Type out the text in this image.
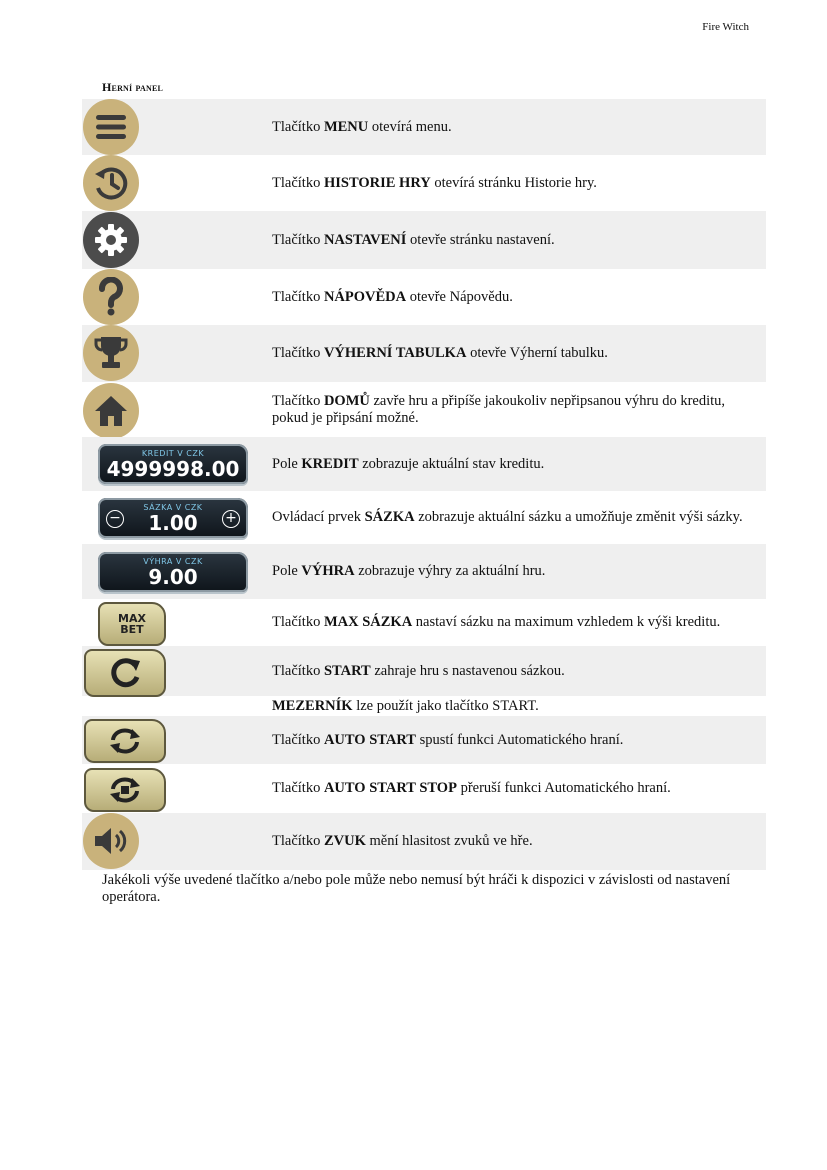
Fire Witch
Herní panel
Tlačítko MENU otevírá menu.
Tlačítko HISTORIE HRY otevírá stránku Historie hry.
Tlačítko NASTAVENÍ otevře stránku nastavení.
Tlačítko NÁPOVĚDA otevře Nápovědu.
Tlačítko VÝHERNÍ TABULKA otevře Výherní tabulku.
Tlačítko DOMŮ zavře hru a připíše jakoukoliv nepřipsanou výhru do kreditu, pokud je připsání možné.
KREDIT V CZK
4999998.00 Pole KREDIT zobrazuje aktuální stav kreditu.
−
SÁZKA V CZK
1.00 + Ovládací prvek SÁZKA zobrazuje aktuální sázku a umožňuje změnit výši sázky.
VÝHRA V CZK
9.00	Pole VÝHRA zobrazuje výhry za aktuální hru.
MAX
BET	Tlačítko MAX SÁZKA nastaví sázku na maximum vzhledem k výši kreditu.
Tlačítko START zahraje hru s nastavenou sázkou.
MEZERNÍK lze použít jako tlačítko START.
Tlačítko AUTO START spustí funkci Automatického hraní.
Tlačítko AUTO START STOP přeruší funkci Automatického hraní.
Tlačítko ZVUK mění hlasitost zvuků ve hře.
Jakékoli výše uvedené tlačítko a/nebo pole může nebo nemusí být hráči k dispozici v závislosti od nastavení operátora.
